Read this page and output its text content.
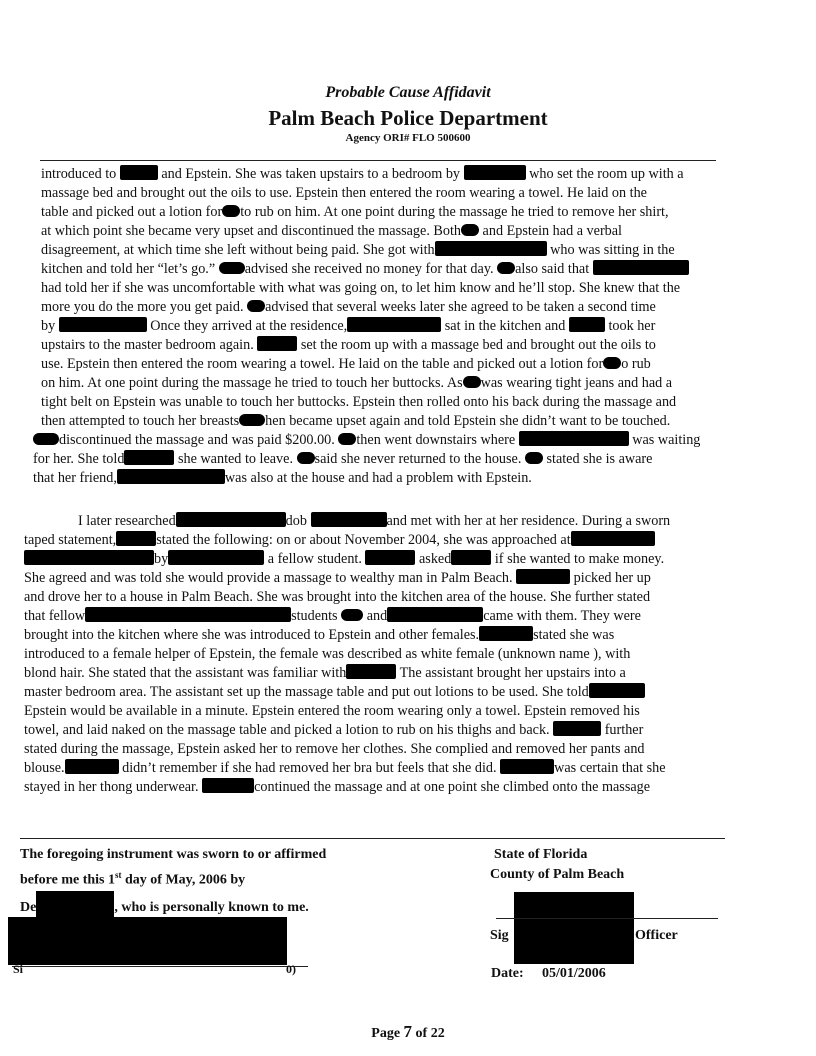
Probable Cause Affidavit
Palm Beach Police Department
Agency ORI# FLO 500600
introduced to	and Epstein. She was taken upstairs to a bedroom by	who set the room up with a
massage bed and brought out the oils to use. Epstein then entered the room wearing a towel. He laid on the
table and picked out a lotion for to rub on him. At one point during the massage he tried to remove her shirt,
at which point she became very upset and discontinued the massage. Both and Epstein had a verbal
disagreement, at which time she left without being paid. She got with	who was sitting in the
kitchen and told her “let’s go.” advised she received no money for that day. also said that
had told her if she was uncomfortable with what was going on, to let him know and he’ll stop. She knew that the
more you do the more you get paid. advised that several weeks later she agreed to be taken a second time
by	Once they arrived at the residence,	sat in the kitchen and	took her
upstairs to the master bedroom again.	set the room up with a massage bed and brought out the oils to
use. Epstein then entered the room wearing a towel. He laid on the table and picked out a lotion for o rub
on him. At one point during the massage he tried to touch her buttocks. As was wearing tight jeans and had a
tight belt on Epstein was unable to touch her buttocks. Epstein then rolled onto his back during the massage and
then attempted to touch her breasts hen became upset again and told Epstein she didn’t want to be touched.
discontinued the massage and was paid $200.00. then went downstairs where	was waiting
for her. She told	she wanted to leave. said she never returned to the house. stated she is aware
that her friend,	was also at the house and had a problem with Epstein.
I later researched	dob	and met with her at her residence. During a sworn
taped statement,	stated the following: on or about November 2004, she was approached at
by	a fellow student.	asked	if she wanted to make money.
She agreed and was told she would provide a massage to wealthy man in Palm Beach.	picked her up
and drove her to a house in Palm Beach. She was brought into the kitchen area of the house. She further stated
that fellow	students and	came with them. They were
brought into the kitchen where she was introduced to Epstein and other females.	stated she was
introduced to a female helper of Epstein, the female was described as white female (unknown name ), with
blond hair. She stated that the assistant was familiar with	The assistant brought her upstairs into a
master bedroom area. The assistant set up the massage table and put out lotions to be used. She told
Epstein would be available in a minute. Epstein entered the room wearing only a towel. Epstein removed his
towel, and laid naked on the massage table and picked a lotion to rub on his thighs and back.	further
stated during the massage, Epstein asked her to remove her clothes. She complied and removed her pants and
blouse.	didn’t remember if she had removed her bra but feels that she did.	was certain that she
stayed in her thong underwear.	continued the massage and at one point she climbed onto the massage
The foregoing instrument was sworn to or affirmed
before me this 1st day of May, 2006 by
De	, who is personally known to me.
Si	0)
State of Florida
County of Palm Beach
Sig	Officer
Date: 05/01/2006
Page 7 of 22
